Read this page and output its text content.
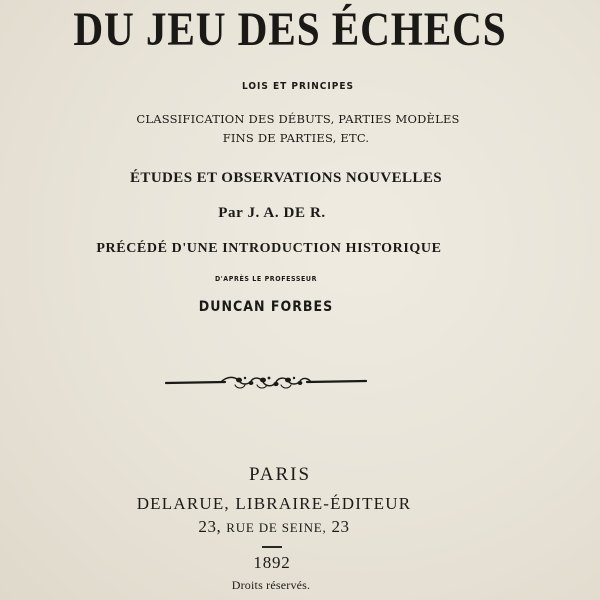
DU JEU DES ÉCHECS
LOIS ET PRINCIPES
CLASSIFICATION DES DÉBUTS, PARTIES MODÈLES
FINS DE PARTIES, ETC.
ÉTUDES ET OBSERVATIONS NOUVELLES
Par J. A. DE R.
PRÉCÉDÉ D'UNE INTRODUCTION HISTORIQUE
D'APRÈS LE PROFESSEUR
DUNCAN FORBES
PARIS
DELARUE, LIBRAIRE-ÉDITEUR
23, RUE DE SEINE, 23
1892
Droits réservés.
